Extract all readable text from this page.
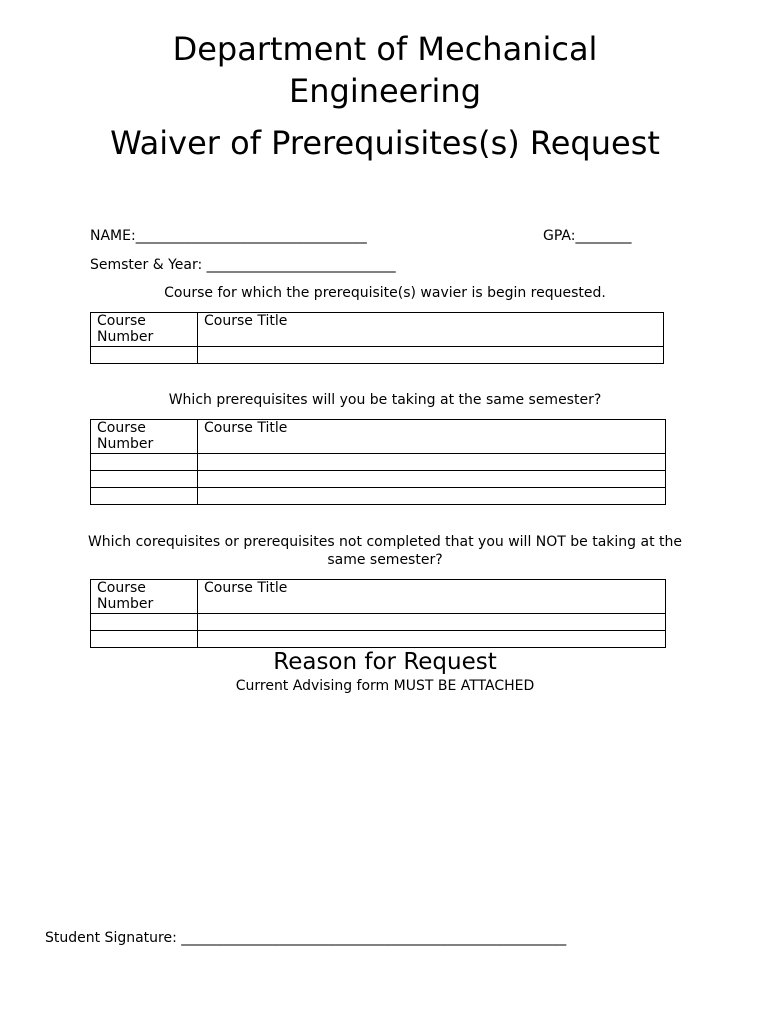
Department of Mechanical
Engineering
Waiver of Prerequisites(s) Request
NAME:_________________________________	GPA:________
Semster & Year: ___________________________
Course for which the prerequisite(s) wavier is begin requested.
Course
Number	Course Title

Which prerequisites will you be taking at the same semester?
Course
Number	Course Title

Which corequisites or prerequisites not completed that you will NOT be taking at the
same semester?
Course
Number	Course Title

Reason for Request
Current Advising form MUST BE ATTACHED
Student Signature: _______________________________________________________
